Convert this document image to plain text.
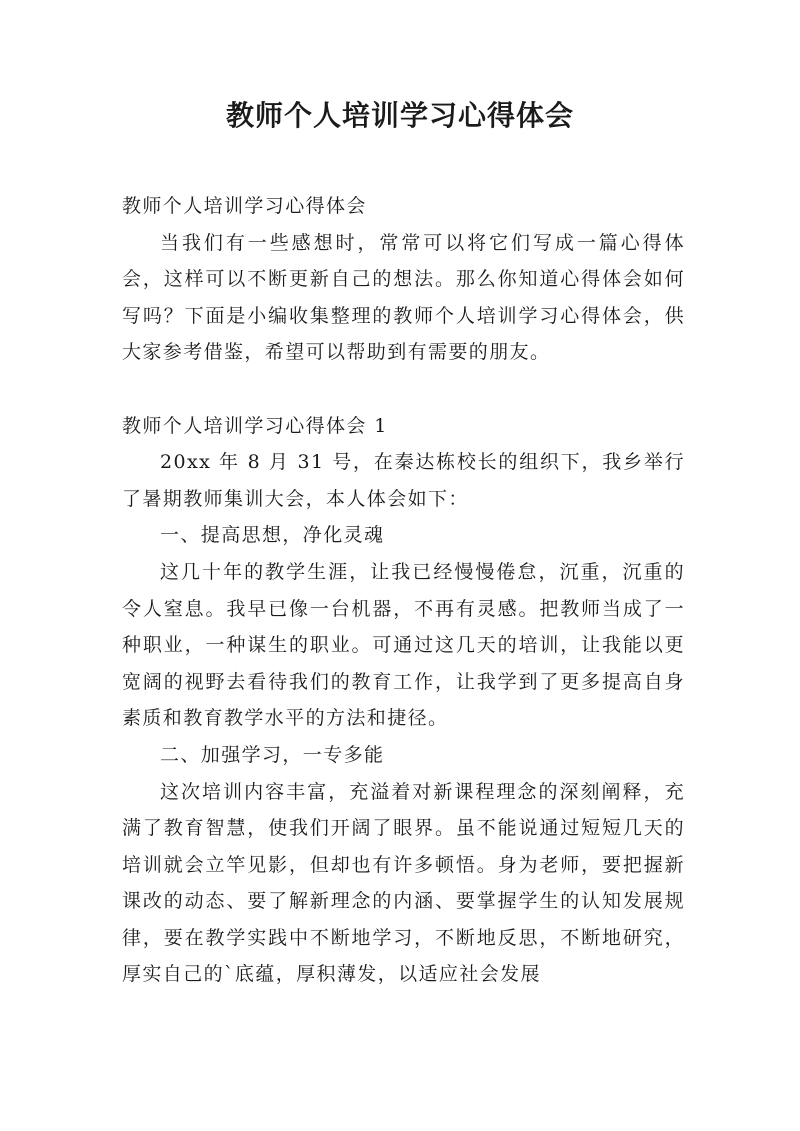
教师个人培训学习心得体会

教师个人培训学习心得体会

当我们有一些感想时，常常可以将它们写成一篇心得体会，这样可以不断更新自己的想法。那么你知道心得体会如何写吗？下面是小编收集整理的教师个人培训学习心得体会，供大家参考借鉴，希望可以帮助到有需要的朋友。

教师个人培训学习心得体会 1

20xx 年 8 月 31 号，在秦达栋校长的组织下，我乡举行了暑期教师集训大会，本人体会如下：

一、提高思想，净化灵魂

这几十年的教学生涯，让我已经慢慢倦怠，沉重，沉重的令人窒息。我早已像一台机器，不再有灵感。把教师当成了一种职业，一种谋生的职业。可通过这几天的培训，让我能以更宽阔的视野去看待我们的教育工作，让我学到了更多提高自身素质和教育教学水平的方法和捷径。

二、加强学习，一专多能

这次培训内容丰富，充溢着对新课程理念的深刻阐释，充满了教育智慧，使我们开阔了眼界。虽不能说通过短短几天的培训就会立竿见影，但却也有许多顿悟。身为老师，要把握新课改的动态、要了解新理念的内涵、要掌握学生的认知发展规律，要在教学实践中不断地学习，不断地反思，不断地研究，厚实自己的`底蕴，厚积薄发，以适应社会发展
